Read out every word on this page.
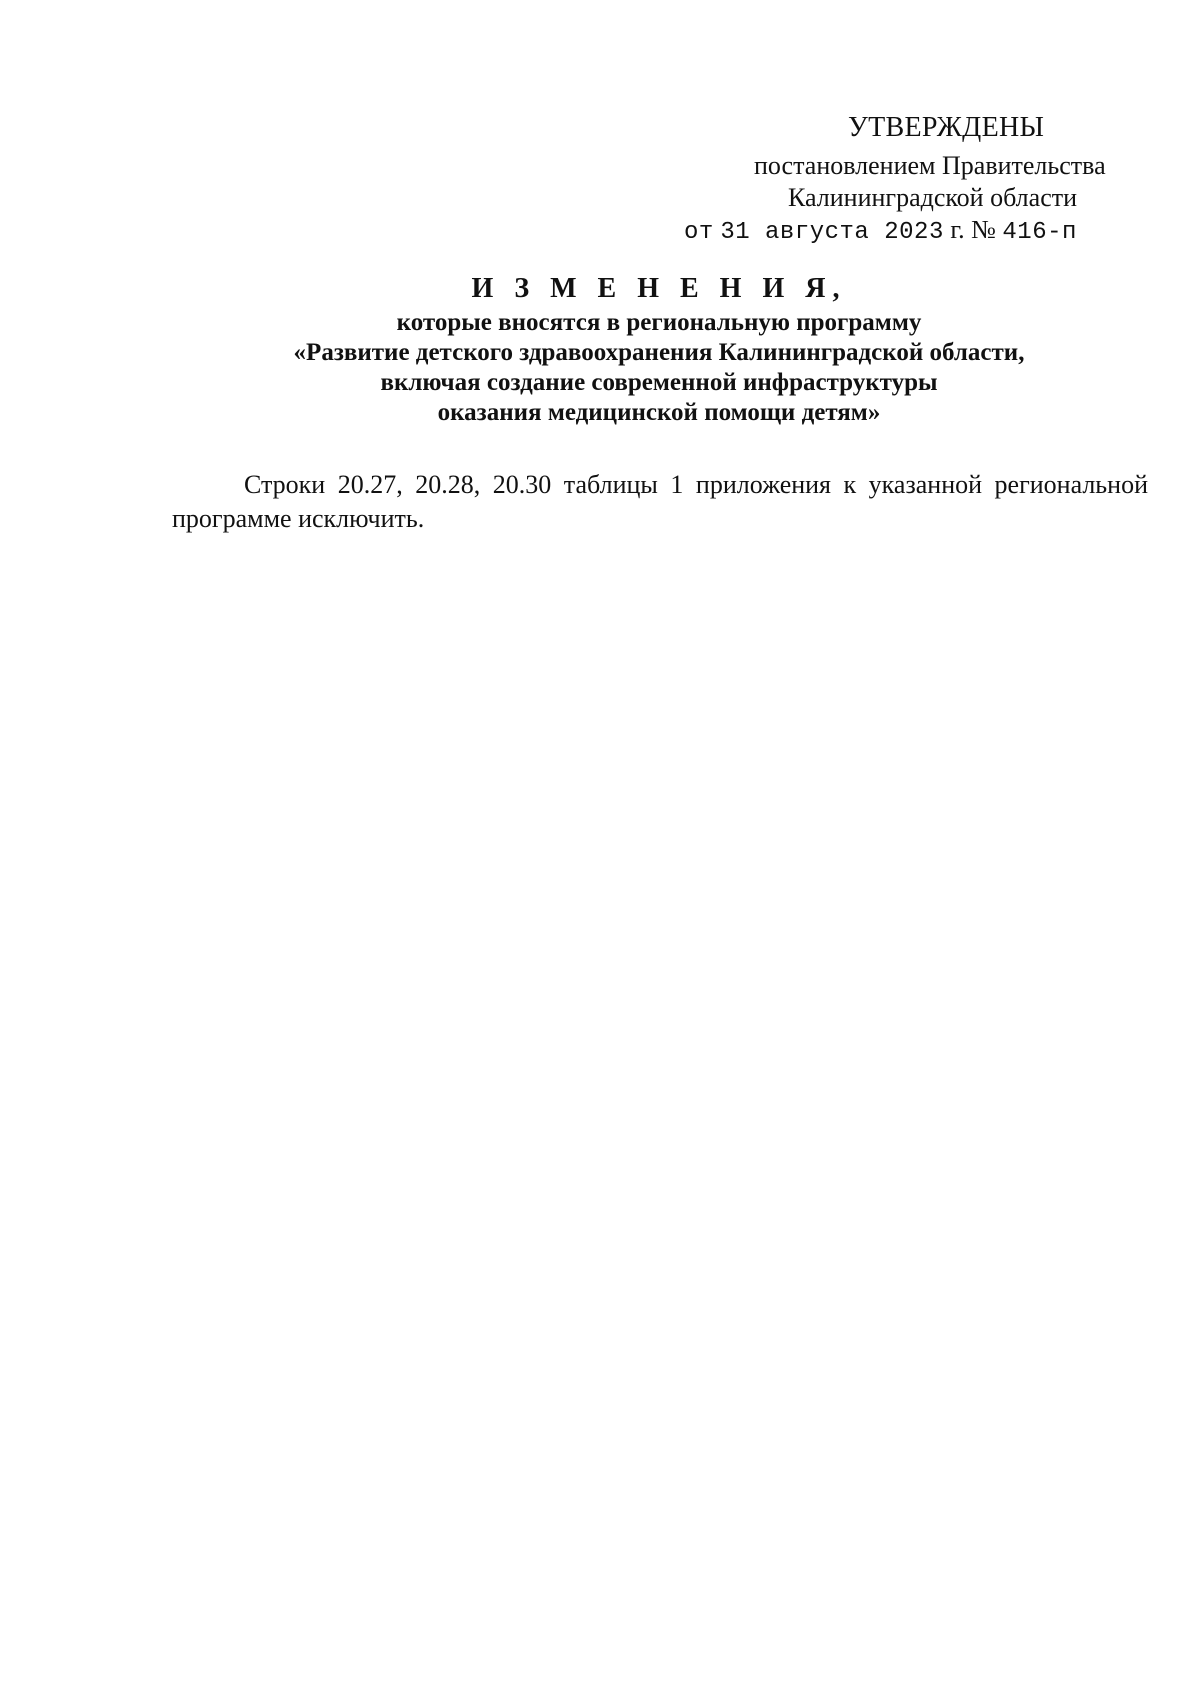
УТВЕРЖДЕНЫ
постановлением Правительства
Калининградской области
от 31 августа 2023 г. № 416-п
И З М Е Н Е Н И Я,
которые вносятся в региональную программу
«Развитие детского здравоохранения Калининградской области,
включая создание современной инфраструктуры
оказания медицинской помощи детям»

Строки 20.27, 20.28, 20.30 таблицы 1 приложения к указанной региональной программе исключить.
